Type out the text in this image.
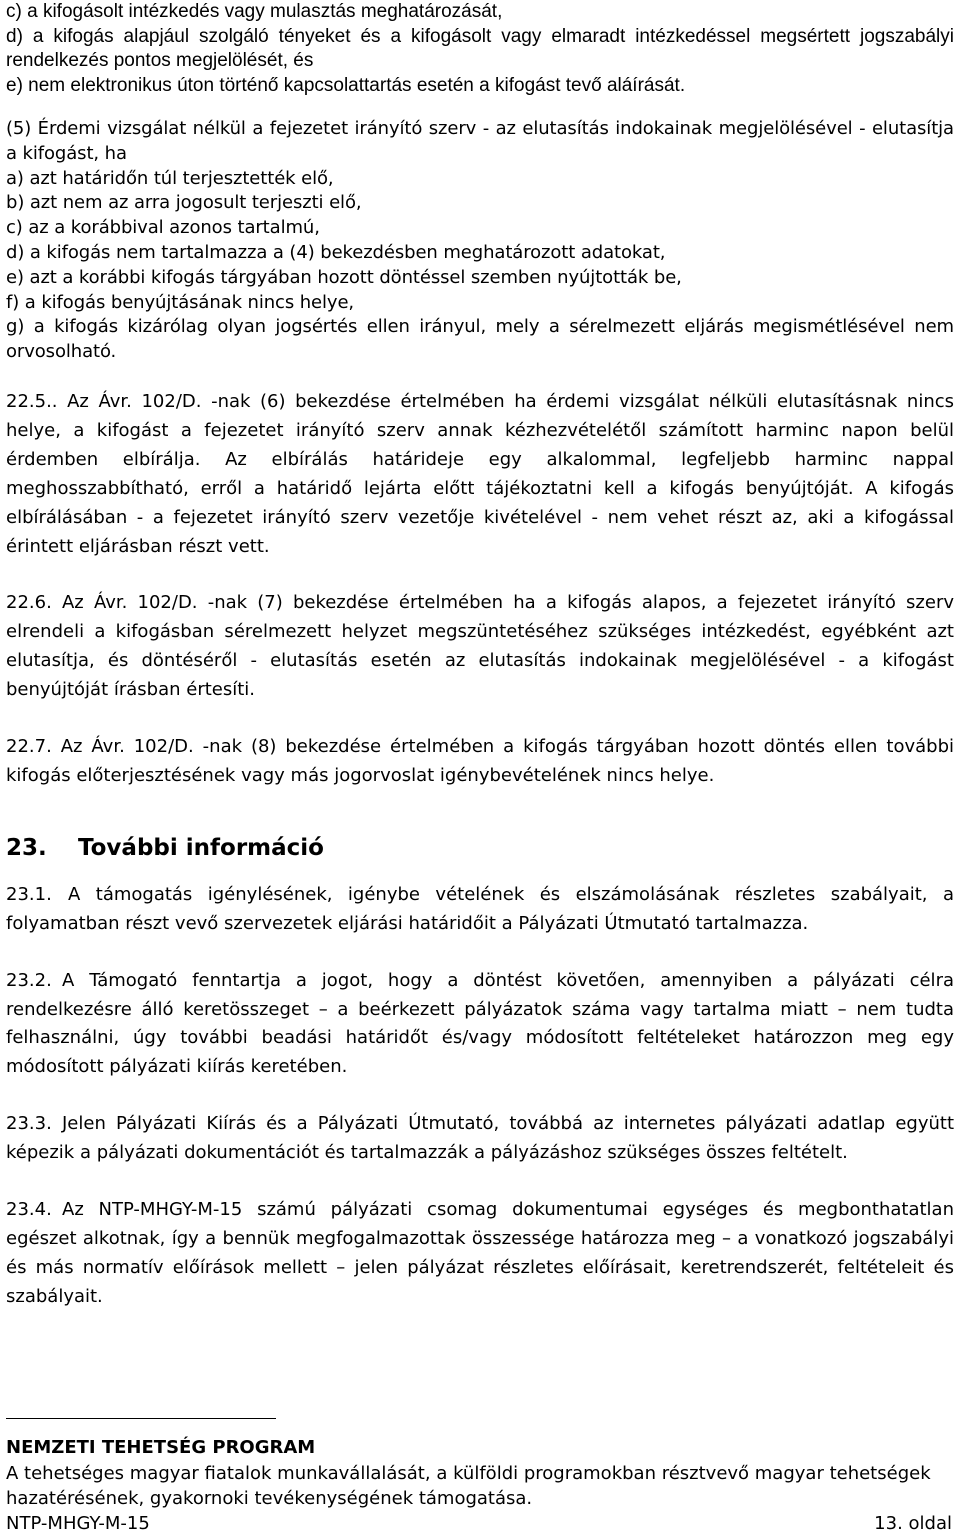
c) a kifogásolt intézkedés vagy mulasztás meghatározását,
d) a kifogás alapjául szolgáló tényeket és a kifogásolt vagy elmaradt intézkedéssel megsértett jogszabályi rendelkezés pontos megjelölését, és
e) nem elektronikus úton történő kapcsolattartás esetén a kifogást tevő aláírását.
(5) Érdemi vizsgálat nélkül a fejezetet irányító szerv - az elutasítás indokainak megjelölésével - elutasítja a kifogást, ha
a) azt határidőn túl terjesztették elő,
b) azt nem az arra jogosult terjeszti elő,
c) az a korábbival azonos tartalmú,
d) a kifogás nem tartalmazza a (4) bekezdésben meghatározott adatokat,
e) azt a korábbi kifogás tárgyában hozott döntéssel szemben nyújtották be,
f) a kifogás benyújtásának nincs helye,
g) a kifogás kizárólag olyan jogsértés ellen irányul, mely a sérelmezett eljárás megismétlésével nem orvosolható.

22.5.. Az Ávr. 102/D. -nak (6) bekezdése értelmében ha érdemi vizsgálat nélküli elutasításnak nincs helye, a kifogást a fejezetet irányító szerv annak kézhezvételétől számított harminc napon belül érdemben elbírálja. Az elbírálás határideje egy alkalommal, legfeljebb harminc nappal meghosszabbítható, erről a határidő lejárta előtt tájékoztatni kell a kifogás benyújtóját. A kifogás elbírálásában - a fejezetet irányító szerv vezetője kivételével - nem vehet részt az, aki a kifogással érintett eljárásban részt vett.

22.6. Az Ávr. 102/D. -nak (7) bekezdése értelmében ha a kifogás alapos, a fejezetet irányító szerv elrendeli a kifogásban sérelmezett helyzet megszüntetéséhez szükséges intézkedést, egyébként azt elutasítja, és döntéséről - elutasítás esetén az elutasítás indokainak megjelölésével - a kifogást benyújtóját írásban értesíti.

22.7. Az Ávr. 102/D. -nak (8) bekezdése értelmében a kifogás tárgyában hozott döntés ellen további kifogás előterjesztésének vagy más jogorvoslat igénybevételének nincs helye.

23.	További információ

23.1. A támogatás igénylésének, igénybe vételének és elszámolásának részletes szabályait, a folyamatban részt vevő szervezetek eljárási határidőit a Pályázati Útmutató tartalmazza.

23.2. A Támogató fenntartja a jogot, hogy a döntést követően, amennyiben a pályázati célra rendelkezésre álló keretösszeget – a beérkezett pályázatok száma vagy tartalma miatt – nem tudta felhasználni, úgy további beadási határidőt és/vagy módosított feltételeket határozzon meg egy módosított pályázati kiírás keretében.

23.3. Jelen Pályázati Kiírás és a Pályázati Útmutató, továbbá az internetes pályázati adatlap együtt képezik a pályázati dokumentációt és tartalmazzák a pályázáshoz szükséges összes feltételt.

23.4. Az NTP-MHGY-M-15 számú pályázati csomag dokumentumai egységes és megbonthatatlan egészet alkotnak, így a bennük megfogalmazottak összessége határozza meg – a vonatkozó jogszabályi és más normatív előírások mellett – jelen pályázat részletes előírásait, keretrendszerét, feltételeit és szabályait.

NEMZETI TEHETSÉG PROGRAM
A tehetséges magyar fiatalok munkavállalását, a külföldi programokban résztvevő magyar tehetségek hazatérésének, gyakornoki tevékenységének támogatása.
NTP-MHGY-M-15	13. oldal
